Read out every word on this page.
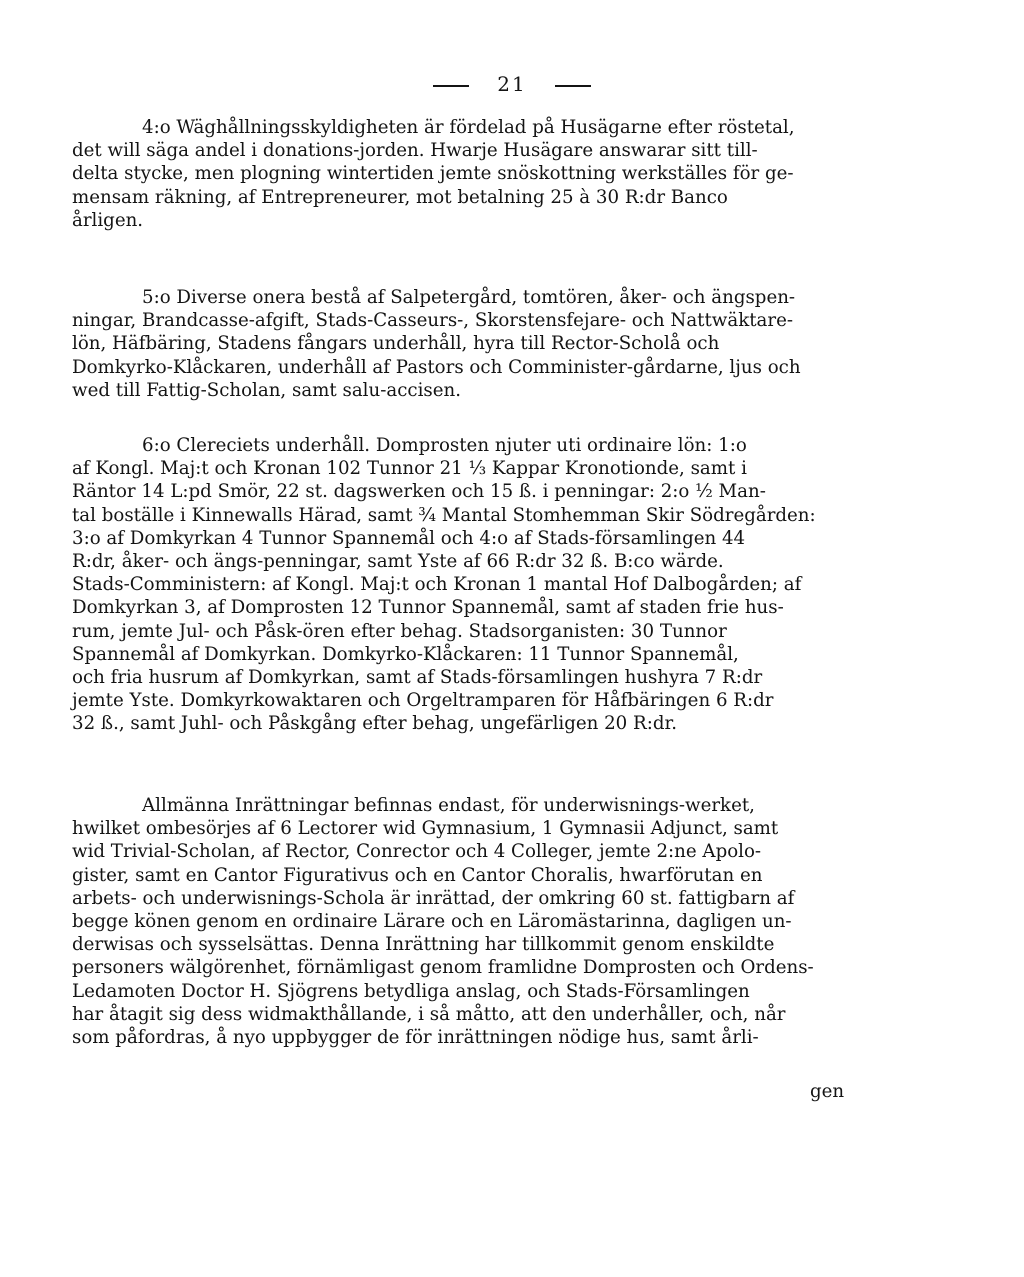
21
4:o Wäghållningsskyldigheten är fördelad på Husägarne efter röstetal,
det will säga andel i donations-jorden. Hwarje Husägare answarar sitt till-
delta stycke, men plogning wintertiden jemte snöskottning werkställes för ge-
mensam räkning, af Entrepreneurer, mot betalning 25 à 30 R:dr Banco
årligen.
5:o Diverse onera bestå af Salpetergård, tomtören, åker- och ängspen-
ningar, Brandcasse-afgift, Stads-Casseurs-, Skorstensfejare- och Nattwäktare-
lön, Häfbäring, Stadens fångars underhåll, hyra till Rector-Scholå och
Domkyrko-Klåckaren, underhåll af Pastors och Comminister-gårdarne, ljus och
wed till Fattig-Scholan, samt salu-accisen.
6:o Clereciets underhåll. Domprosten njuter uti ordinaire lön: 1:o
af Kongl. Maj:t och Kronan 102 Tunnor 21 ⅓ Kappar Kronotionde, samt i
Räntor 14 L:pd Smör, 22 st. dagswerken och 15 ß. i penningar: 2:o ½ Man-
tal boställe i Kinnewalls Härad, samt ¾ Mantal Stomhemman Skir Södregården:
3:o af Domkyrkan 4 Tunnor Spannemål och 4:o af Stads-församlingen 44
R:dr, åker- och ängs-penningar, samt Yste af 66 R:dr 32 ß. B:co wärde.
Stads-Comministern: af Kongl. Maj:t och Kronan 1 mantal Hof Dalbogården; af
Domkyrkan 3, af Domprosten 12 Tunnor Spannemål, samt af staden frie hus-
rum, jemte Jul- och Påsk-ören efter behag. Stadsorganisten: 30 Tunnor
Spannemål af Domkyrkan. Domkyrko-Klåckaren: 11 Tunnor Spannemål,
och fria husrum af Domkyrkan, samt af Stads-församlingen hushyra 7 R:dr
jemte Yste. Domkyrkowaktaren och Orgeltramparen för Håfbäringen 6 R:dr
32 ß., samt Juhl- och Påskgång efter behag, ungefärligen 20 R:dr.
Allmänna Inrättningar befinnas endast, för underwisnings-werket,
hwilket ombesörjes af 6 Lectorer wid Gymnasium, 1 Gymnasii Adjunct, samt
wid Trivial-Scholan, af Rector, Conrector och 4 Colleger, jemte 2:ne Apolo-
gister, samt en Cantor Figurativus och en Cantor Choralis, hwarförutan en
arbets- och underwisnings-Schola är inrättad, der omkring 60 st. fattigbarn af
begge könen genom en ordinaire Lärare och en Läromästarinna, dagligen un-
derwisas och sysselsättas. Denna Inrättning har tillkommit genom enskildte
personers wälgörenhet, förnämligast genom framlidne Domprosten och Ordens-
Ledamoten Doctor H. Sjögrens betydliga anslag, och Stads-Församlingen
har åtagit sig dess widmakthållande, i så måtto, att den underhåller, och, når
som påfordras, å nyo uppbygger de för inrättningen nödige hus, samt årli-
gen
